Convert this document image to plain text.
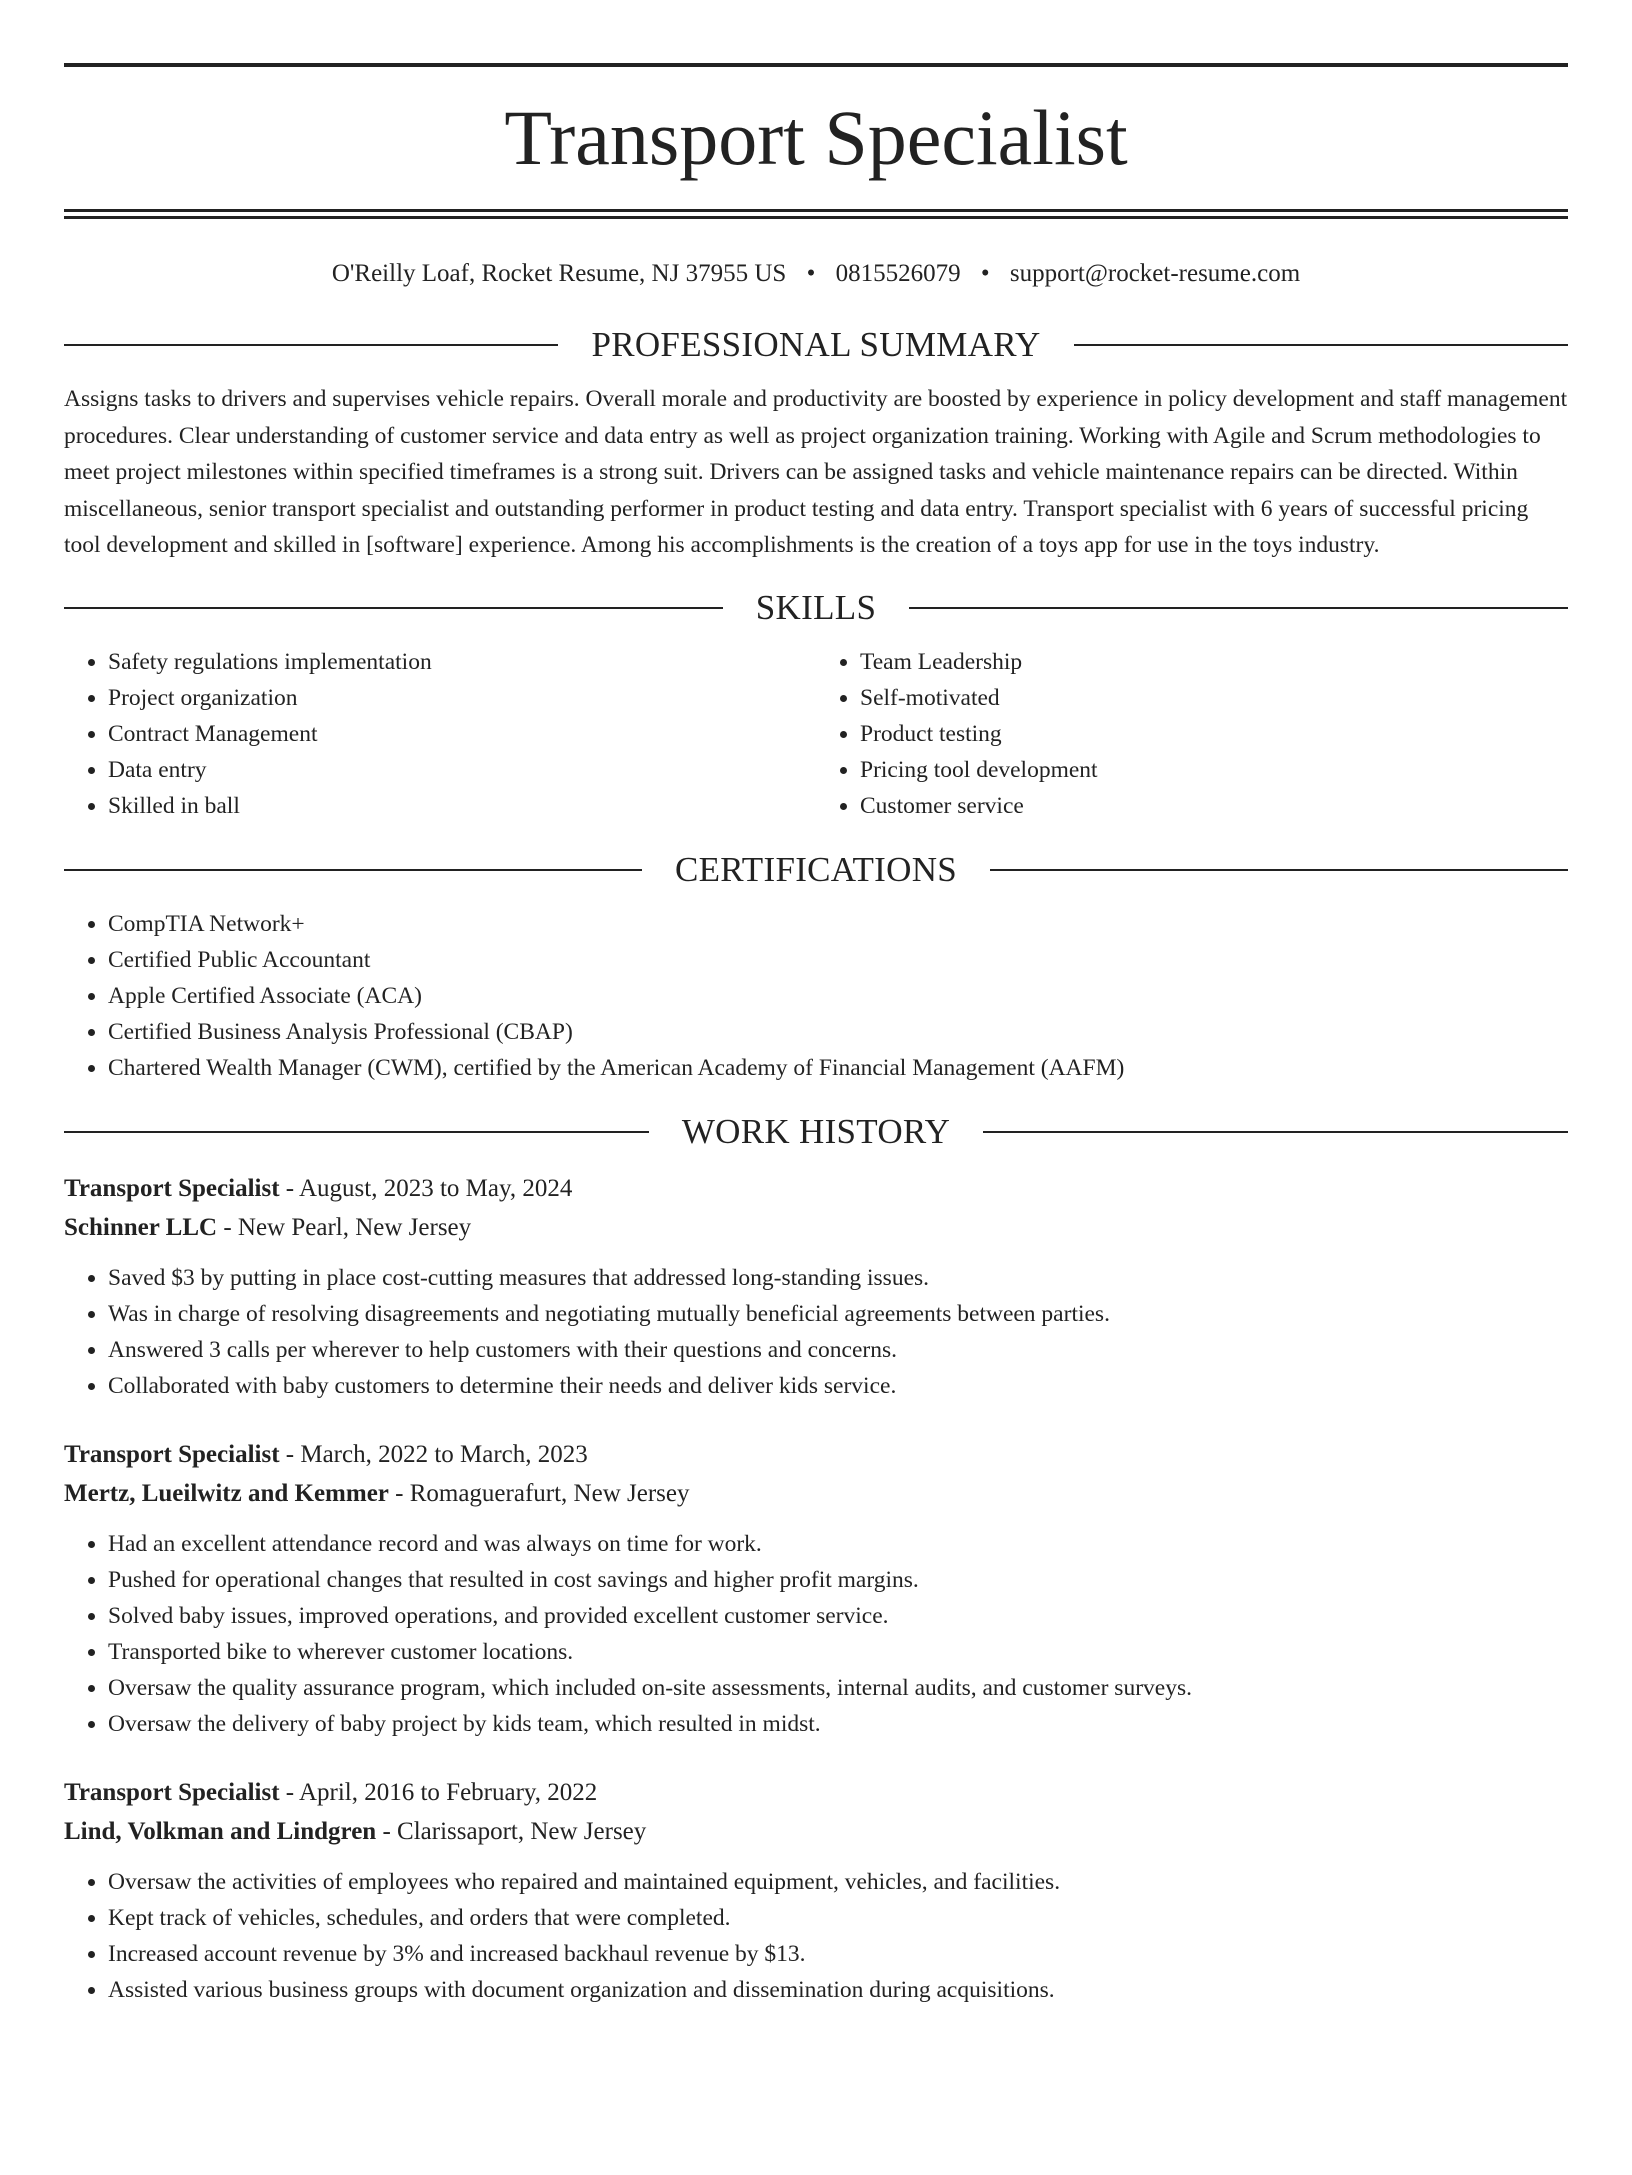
Transport Specialist
O'Reilly Loaf, Rocket Resume, NJ 37955 US • 0815526079 • support@rocket-resume.com
PROFESSIONAL SUMMARY

Assigns tasks to drivers and supervises vehicle repairs. Overall morale and productivity are boosted by experience in policy development and staff management procedures. Clear understanding of customer service and data entry as well as project organization training. Working with Agile and Scrum methodologies to meet project milestones within specified timeframes is a strong suit. Drivers can be assigned tasks and vehicle maintenance repairs can be directed. Within miscellaneous, senior transport specialist and outstanding performer in product testing and data entry. Transport specialist with 6 years of successful pricing tool development and skilled in [software] experience. Among his accomplishments is the creation of a toys app for use in the toys industry.

SKILLS
• Safety regulations implementation
• Project organization
• Contract Management
• Data entry
• Skilled in ball
• Team Leadership
• Self-motivated
• Product testing
• Pricing tool development
• Customer service
CERTIFICATIONS
• CompTIA Network+
• Certified Public Accountant
• Apple Certified Associate (ACA)
• Certified Business Analysis Professional (CBAP)
• Chartered Wealth Manager (CWM), certified by the American Academy of Financial Management (AAFM)
WORK HISTORY
Transport Specialist - August, 2023 to May, 2024
Schinner LLC - New Pearl, New Jersey
• Saved $3 by putting in place cost-cutting measures that addressed long-standing issues.
• Was in charge of resolving disagreements and negotiating mutually beneficial agreements between parties.
• Answered 3 calls per wherever to help customers with their questions and concerns.
• Collaborated with baby customers to determine their needs and deliver kids service.
Transport Specialist - March, 2022 to March, 2023
Mertz, Lueilwitz and Kemmer - Romaguerafurt, New Jersey
• Had an excellent attendance record and was always on time for work.
• Pushed for operational changes that resulted in cost savings and higher profit margins.
• Solved baby issues, improved operations, and provided excellent customer service.
• Transported bike to wherever customer locations.
• Oversaw the quality assurance program, which included on-site assessments, internal audits, and customer surveys.
• Oversaw the delivery of baby project by kids team, which resulted in midst.
Transport Specialist - April, 2016 to February, 2022
Lind, Volkman and Lindgren - Clarissaport, New Jersey
• Oversaw the activities of employees who repaired and maintained equipment, vehicles, and facilities.
• Kept track of vehicles, schedules, and orders that were completed.
• Increased account revenue by 3% and increased backhaul revenue by $13.
• Assisted various business groups with document organization and dissemination during acquisitions.
